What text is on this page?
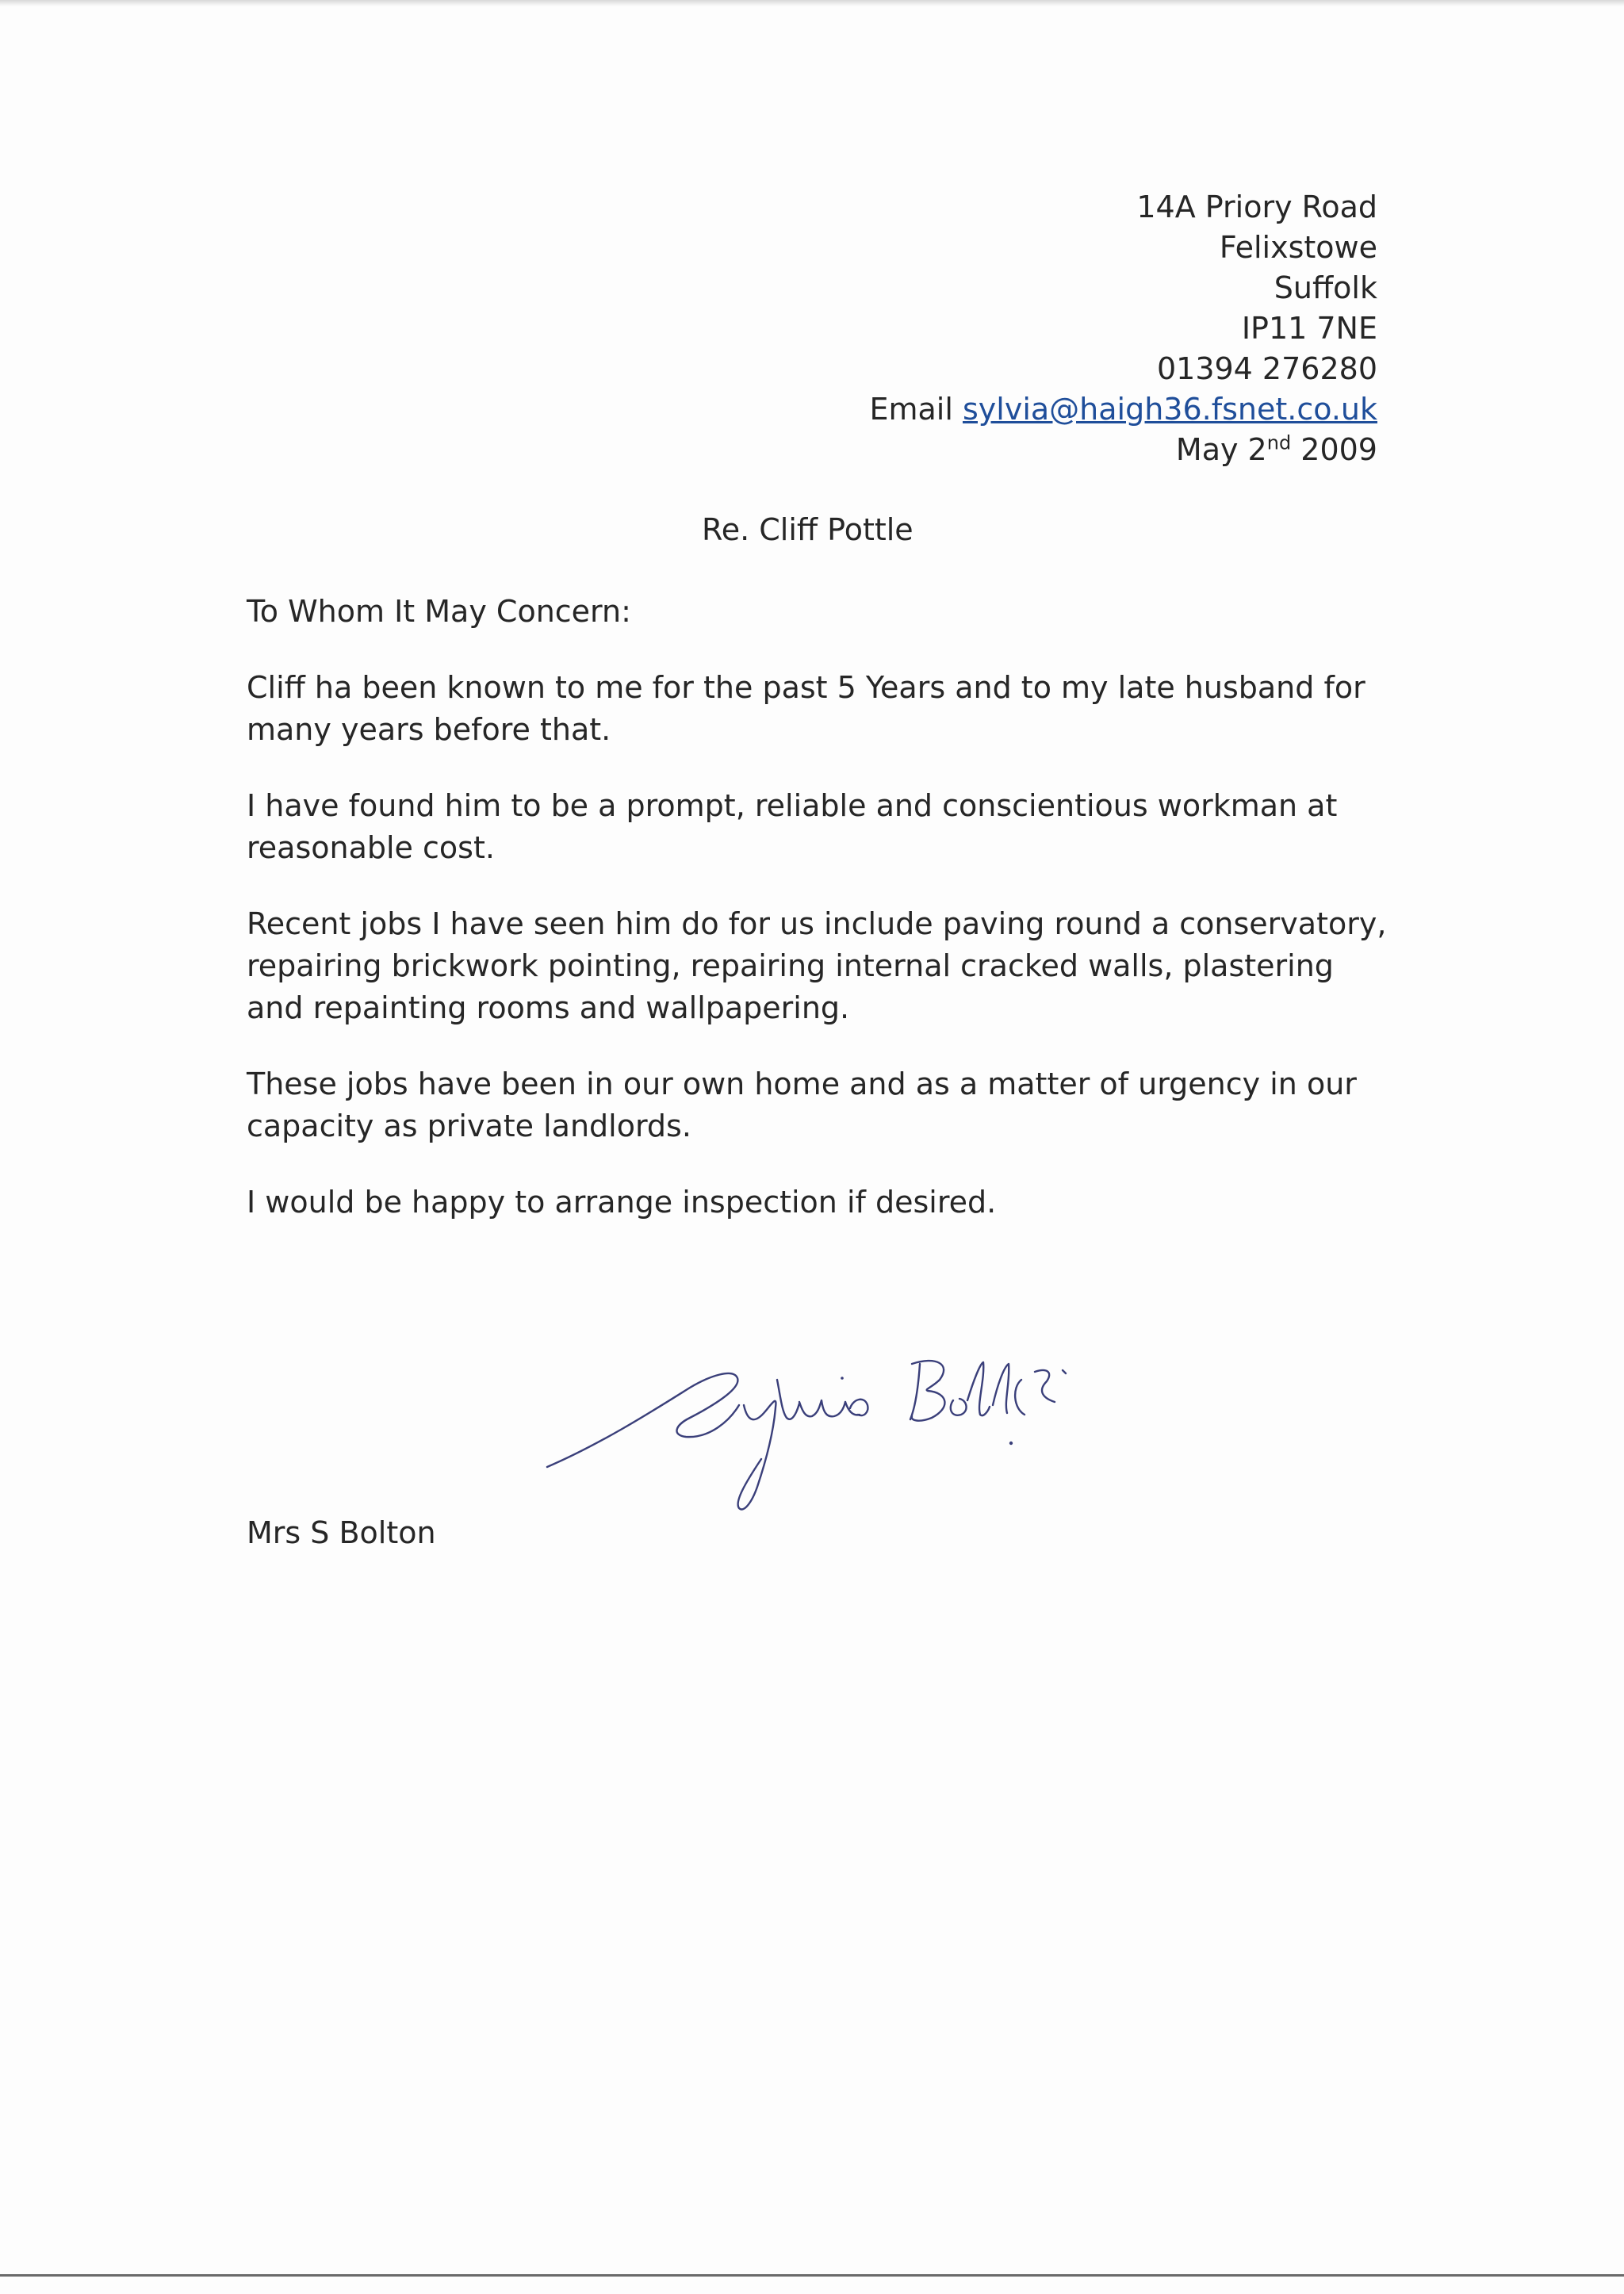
14A Priory Road
Felixstowe
Suffolk
IP11 7NE
01394 276280
Email sylvia@haigh36.fsnet.co.uk
May 2nd 2009
Re. Cliff Pottle

To Whom It May Concern:

Cliff ha been known to me for the past 5 Years and to my late husband for many years before that.

I have found him to be a prompt, reliable and conscientious workman at reasonable cost.

Recent jobs I have seen him do for us include paving round a conservatory, repairing brickwork pointing, repairing internal cracked walls, plastering and repainting rooms and wallpapering.

These jobs have been in our own home and as a matter of urgency in our capacity as private landlords.

I would be happy to arrange inspection if desired.

Mrs S Bolton
